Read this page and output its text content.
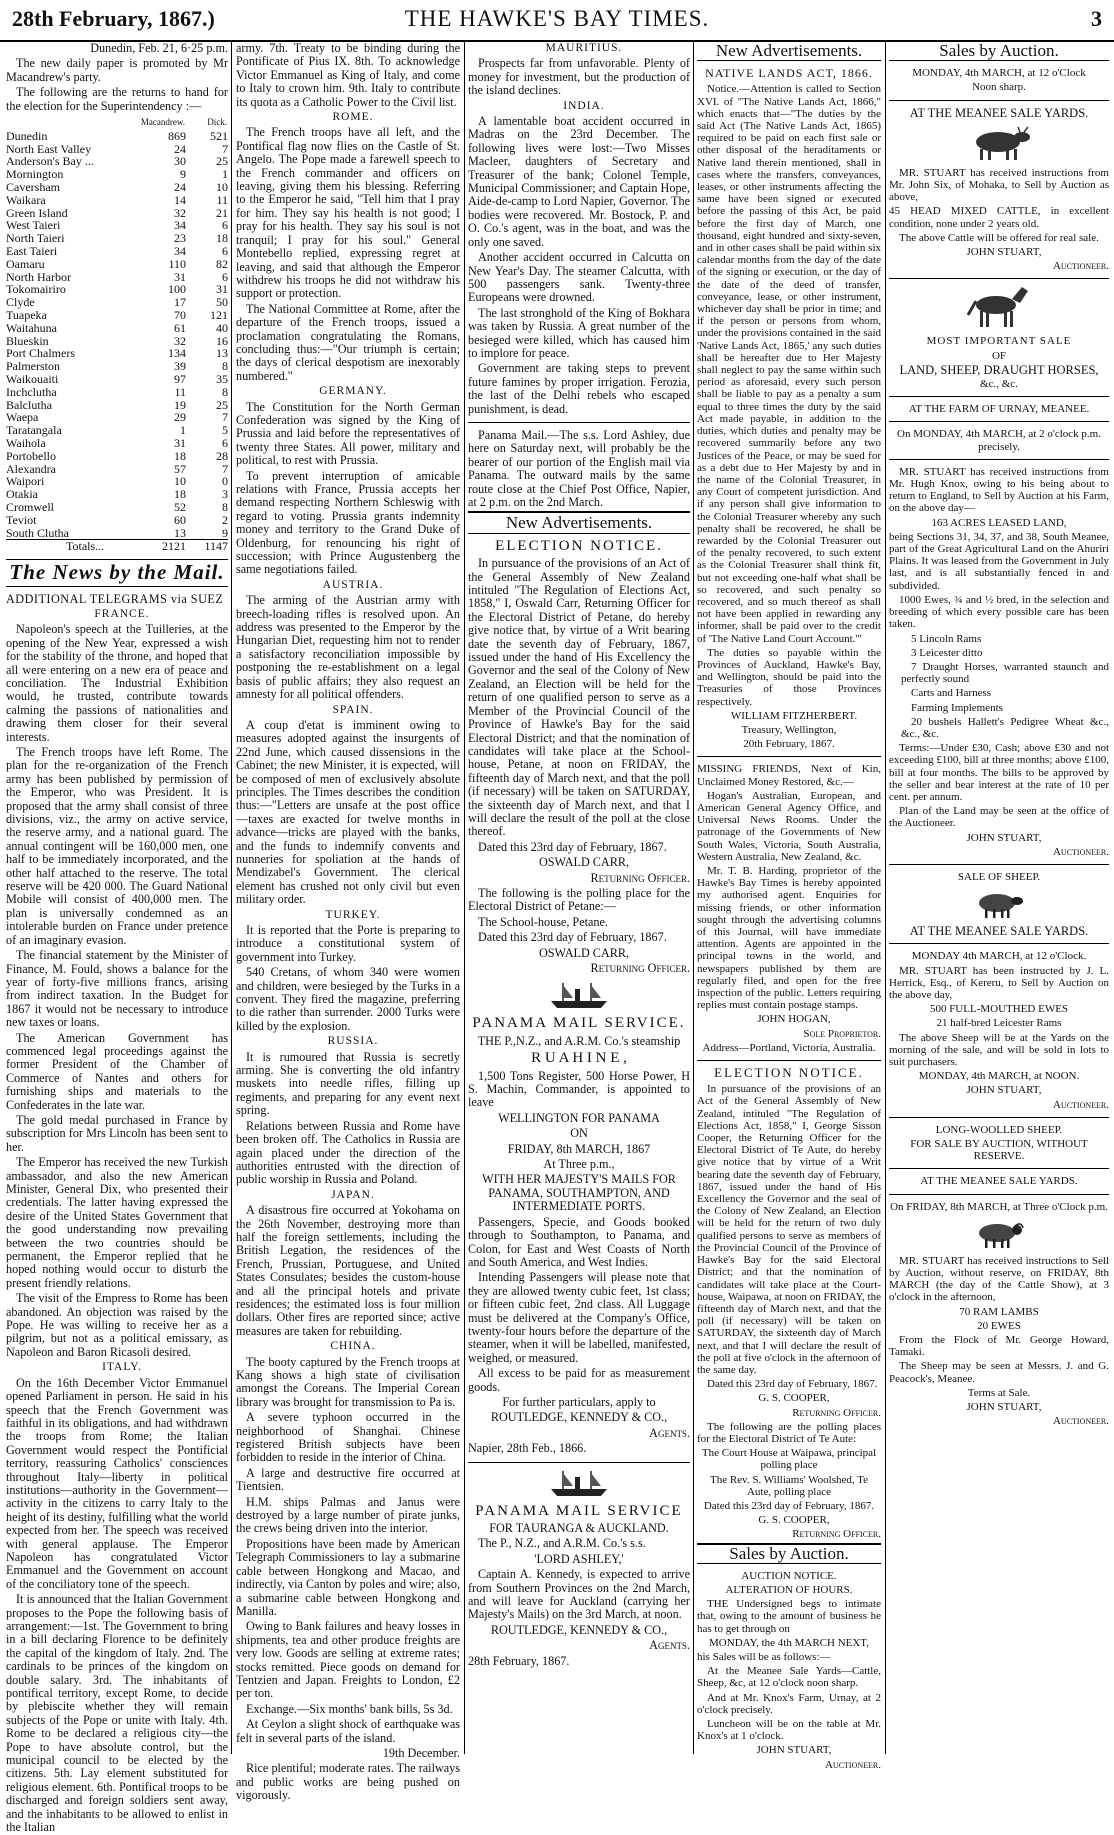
28th February, 1867.)	THE HAWKE'S BAY TIMES.	3

Dunedin, Feb. 21, 6·25 p.m.

The new daily paper is promoted by Mr Macandrew's party.

The following are the returns to hand for the election for the Superintendency :—

	Macandrew.	Dick.
Dunedin	869	521
North East Valley	24	7
Anderson's Bay ...	30	25
Mornington	9	1
Caversham	24	10
Waikara	14	11
Green Island	32	21
West Taieri	34	6
North Taieri	23	18
East Taieri	34	6
Oamaru	110	82
North Harbor	31	6
Tokomairiro	100	31
Clyde	17	50
Tuapeka	70	121
Waitahuna	61	40
Blueskin	32	16
Port Chalmers	134	13
Palmerston	39	8
Waikouaiti	97	35
Inchclutha	11	8
Balclutha	19	25
Waepa	29	7
Taratangala	1	5
Waihola	31	6
Portobello	18	28
Alexandra	57	7
Waipori	10	0
Otakia	18	3
Cromwell	52	8
Teviot	60	2
South Clutha	13	9
Totals...	2121	1147
The News by the Mail.

ADDITIONAL TELEGRAMS via SUEZ

FRANCE.

Napoleon's speech at the Tuilleries, at the opening of the New Year, expressed a wish for the stability of the throne, and hoped that all were entering on a new era of peace and conciliation. The Industrial Exhibition would, he trusted, contribute towards calming the passions of nationalities and drawing them closer for their several interests.

The French troops have left Rome. The plan for the re-organization of the French army has been published by permission of the Emperor, who was President. It is proposed that the army shall consist of three divisions, viz., the army on active service, the reserve army, and a national guard. The annual contingent will be 160,000 men, one half to be immediately incorporated, and the other half attached to the reserve. The total reserve will be 420 000. The Guard National Mobile will consist of 400,000 men. The plan is universally condemned as an intolerable burden on France under pretence of an imaginary evasion.

The financial statement by the Minister of Finance, M. Fould, shows a balance for the year of forty-five millions francs, arising from indirect taxation. In the Budget for 1867 it would not be necessary to introduce new taxes or loans.

The American Government has commenced legal proceedings against the former President of the Chamber of Commerce of Nantes and others for furnishing ships and materials to the Confederates in the late war.

The gold medal purchased in France by subscription for Mrs Lincoln has been sent to her.

The Emperor has received the new Turkish ambassador, and also the new American Minister, General Dix, who presented their credentials. The latter having expressed the desire of the United States Government that the good understanding now prevailing between the two countries should be permanent, the Emperor replied that he hoped nothing would occur to disturb the present friendly relations.

The visit of the Empress to Rome has been abandoned. An objection was raised by the Pope. He was willing to receive her as a pilgrim, but not as a political emissary, as Napoleon and Baron Ricasoli desired.

ITALY.

On the 16th December Victor Emmanuel opened Parliament in person. He said in his speech that the French Government was faithful in its obligations, and had withdrawn the troops from Rome; the Italian Government would respect the Pontificial territory, reassuring Catholics' consciences throughout Italy—liberty in political institutions—authority in the Government—activity in the citizens to carry Italy to the height of its destiny, fulfilling what the world expected from her. The speech was received with general applause. The Emperor Napoleon has congratulated Victor Emmanuel and the Government on account of the conciliatory tone of the speech.

It is announced that the Italian Government proposes to the Pope the following basis of arrangement:—1st. The Government to bring in a bill declaring Florence to be definitely the capital of the kingdom of Italy. 2nd. The cardinals to be princes of the kingdom on double salary. 3rd. The inhabitants of pontifical territory, except Rome, to decide by plebiscite whether they will remain subjects of the Pope or unite with Italy. 4th. Rome to be declared a religious city—the Pope to have absolute control, but the municipal council to be elected by the citizens. 5th. Lay element substituted for religious element. 6th. Pontifical troops to be discharged and foreign soldiers sent away, and the inhabitants to be allowed to enlist in the Italian

army. 7th. Treaty to be binding during the Pontificate of Pius IX. 8th. To acknowledge Victor Emmanuel as King of Italy, and come to Italy to crown him. 9th. Italy to contribute its quota as a Catholic Power to the Civil list.

ROME.

The French troops have all left, and the Pontifical flag now flies on the Castle of St. Angelo. The Pope made a farewell speech to the French commander and officers on leaving, giving them his blessing. Referring to the Emperor he said, "Tell him that I pray for him. They say his health is not good; I pray for his health. They say his soul is not tranquil; I pray for his soul." General Montebello replied, expressing regret at leaving, and said that although the Emperor withdrew his troops he did not withdraw his support or protection.

The National Committee at Rome, after the departure of the French troops, issued a proclamation congratulating the Romans, concluding thus:—"Our triumph is certain; the days of clerical despotism are inexorably numbered."

GERMANY.

The Constitution for the North German Confederation was signed by the King of Prussia and laid before the representatives of twenty three States. All power, military and political, to rest with Prussia.

To prevent interruption of amicable relations with France, Prussia accepts her demand respecting Northern Schleswig with regard to voting. Prussia grants indemnity money and territory to the Grand Duke of Oldenburg, for renouncing his right of succession; with Prince Augustenberg the same negotiations failed.

AUSTRIA.

The arming of the Austrian army with breech-loading rifles is resolved upon. An address was presented to the Emperor by the Hungarian Diet, requesting him not to render a satisfactory reconciliation impossible by postponing the re-establishment on a legal basis of public affairs; they also request an amnesty for all political offenders.

SPAIN.

A coup d'etat is imminent owing to measures adopted against the insurgents of 22nd June, which caused dissensions in the Cabinet; the new Minister, it is expected, will be composed of men of exclusively absolute principles. The Times describes the condition thus:—"Letters are unsafe at the post office—taxes are exacted for twelve months in advance—tricks are played with the banks, and the funds to indemnify convents and nunneries for spoliation at the hands of Mendizabel's Government. The clerical element has crushed not only civil but even military order.

TURKEY.

It is reported that the Porte is preparing to introduce a constitutional system of government into Turkey.

540 Cretans, of whom 340 were women and children, were besieged by the Turks in a convent. They fired the magazine, preferring to die rather than surrender. 2000 Turks were killed by the explosion.

RUSSIA.

It is rumoured that Russia is secretly arming. She is converting the old infantry muskets into needle rifles, filling up regiments, and preparing for any event next spring.

Relations between Russia and Rome have been broken off. The Catholics in Russia are again placed under the direction of the authorities entrusted with the direction of public worship in Russia and Poland.

JAPAN.

A disastrous fire occurred at Yokohama on the 26th November, destroying more than half the foreign settlements, including the British Legation, the residences of the French, Prussian, Portuguese, and United States Consulates; besides the custom-house and all the principal hotels and private residences; the estimated loss is four million dollars. Other fires are reported since; active measures are taken for rebuilding.

CHINA.

The booty captured by the French troops at Kang shows a high state of civilisation amongst the Coreans. The Imperial Corean library was brought for transmission to Pa is.

A severe typhoon occurred in the neighborhood of Shanghai. Chinese registered British subjects have been forbidden to reside in the interior of China.

A large and destructive fire occurred at Tientsien.

H.M. ships Palmas and Janus were destroyed by a large number of pirate junks, the crews being driven into the interior.

Propositions have been made by American Telegraph Commissioners to lay a submarine cable between Hongkong and Macao, and indirectly, via Canton by poles and wire; also, a submarine cable between Hongkong and Manilla.

Owing to Bank failures and heavy losses in shipments, tea and other produce freights are very low. Goods are selling at extreme rates; stocks remitted. Piece goods on demand for Tentzien and Japan. Freights to London, £2 per ton.

Exchange.—Six months' bank bills, 5s 3d.

At Ceylon a slight shock of earthquake was felt in several parts of the island.

19th December.

Rice plentiful; moderate rates. The railways and public works are being pushed on vigorously.

MAURITIUS.

Prospects far from unfavorable. Plenty of money for investment, but the production of the island declines.

INDIA.

A lamentable boat accident occurred in Madras on the 23rd December. The following lives were lost:—Two Misses Macleer, daughters of Secretary and Treasurer of the bank; Colonel Temple, Municipal Commissioner; and Captain Hope, Aide-de-camp to Lord Napier, Governor. The bodies were recovered. Mr. Bostock, P. and O. Co.'s agent, was in the boat, and was the only one saved.

Another accident occurred in Calcutta on New Year's Day. The steamer Calcutta, with 500 passengers sank. Twenty-three Europeans were drowned.

The last stronghold of the King of Bokhara was taken by Russia. A great number of the besieged were killed, which has caused him to implore for peace.

Government are taking steps to prevent future famines by proper irrigation. Ferozia, the last of the Delhi rebels who escaped punishment, is dead.

Panama Mail.—The s.s. Lord Ashley, due here on Saturday next, will probably be the bearer of our portion of the English mail via Panama. The outward mails by the same route close at the Chief Post Office, Napier, at 2 p.m. on the 2nd March.

New Advertisements.
ELECTION NOTICE.

In pursuance of the provisions of an Act of the General Assembly of New Zealand intituled "The Regulation of Elections Act, 1858," I, Oswald Carr, Returning Officer for the Electoral District of Petane, do hereby give notice that, by virtue of a Writ bearing date the seventh day of February, 1867, issued under the hand of His Excellency the Governor and the seal of the Colony of New Zealand, an Election will be held for the return of one qualified person to serve as a Member of the Provincial Council of the Province of Hawke's Bay for the said Electoral District; and that the nomination of candidates will take place at the School-house, Petane, at noon on FRIDAY, the fifteenth day of March next, and that the poll (if necessary) will be taken on SATURDAY, the sixteenth day of March next, and that I will declare the result of the poll at the close thereof.

Dated this 23rd day of February, 1867.

OSWALD CARR,

Returning Officer.

The following is the polling place for the Electoral District of Petane:—

The School-house, Petane.

Dated this 23rd day of February, 1867.

OSWALD CARR,

Returning Officer.

PANAMA MAIL SERVICE.

THE P.,N.Z., and A.R.M. Co.'s steamship

R U A H I N E ,

1,500 Tons Register, 500 Horse Power, H S. Machin, Commander, is appointed to leave

WELLINGTON FOR PANAMA

ON

FRIDAY, 8th MARCH, 1867

At Three p.m.,

WITH HER MAJESTY'S MAILS FOR PANAMA, SOUTHAMPTON, AND INTERMEDIATE PORTS.

Passengers, Specie, and Goods booked through to Southampton, to Panama, and Colon, for East and West Coasts of North and South America, and West Indies.

Intending Passengers will please note that they are allowed twenty cubic feet, 1st class; or fifteen cubic feet, 2nd class. All Luggage must be delivered at the Company's Office, twenty-four hours before the departure of the steamer, when it will be labelled, manifested, weighed, or measured.

All excess to be paid for as measurement goods.

For further particulars, apply to

ROUTLEDGE, KENNEDY & CO.,

Agents.

Napier, 28th Feb., 1866.

PANAMA MAIL SERVICE

FOR TAURANGA & AUCKLAND.

The P., N.Z., and A.R.M. Co.'s s.s.

'LORD ASHLEY,'

Captain A. Kennedy, is expected to arrive from Southern Provinces on the 2nd March, and will leave for Auckland (carrying her Majesty's Mails) on the 3rd March, at noon.

ROUTLEDGE, KENNEDY & CO.,

Agents.

28th February, 1867.

New Advertisements.
NATIVE LANDS ACT, 1866.

Notice.—Attention is called to Section XVI. of "The Native Lands Act, 1866," which enacts that—"The duties by the said Act (The Native Lands Act, 1865) required to be paid on each first sale or other disposal of the heraditaments or Native land therein mentioned, shall in cases where the transfers, conveyances, leases, or other instruments affecting the same have been signed or executed before the passing of this Act, be paid before the first day of March, one thousand, eight hundred and sixty-seven, and in other cases shall be paid within six calendar months from the day of the date of the signing or execution, or the day of the date of the deed of transfer, conveyance, lease, or other instrument, whichever day shall be prior in time; and if the person or persons from whom, under the provisions contained in the said 'Native Lands Act, 1865,' any such duties shall be hereafter due to Her Majesty shall neglect to pay the same within such period as aforesaid, every such person shall be liable to pay as a penalty a sum equal to three times the duty by the said Act made payable, in addition to the duties, which duties and penalty may be recovered summarily before any two Justices of the Peace, or may be sued for as a debt due to Her Majesty by and in the name of the Colonial Treasurer, in any Court of competent jurisdiction. And if any person shall give information to the Colonial Treasurer whereby any such penalty shall be recovered, he shall be rewarded by the Colonial Treasurer out of the penalty recovered, to such extent as the Colonial Treasurer shall think fit, but not exceeding one-half what shall be so recovered, and such penalty so recovered, and so much thereof as shall not have been applied in rewarding any informer, shall be paid over to the credit of 'The Native Land Court Account.'"

The duties so payable within the Provinces of Auckland, Hawke's Bay, and Wellington, should be paid into the Treasuries of those Provinces respectively.

WILLIAM FITZHERBERT.

Treasury, Wellington,

20th February, 1867.

MISSING FRIENDS, Next of Kin, Unclaimed Money Restored, &c.—

Hogan's Australian, European, and American General Agency Office, and Universal News Rooms. Under the patronage of the Governments of New South Wales, Victoria, South Australia, Western Australia, New Zealand, &c.

Mr. T. B. Harding, proprietor of the Hawke's Bay Times is hereby appointed my authorised agent. Enquiries for missing friends, or other information sought through the advertising columns of this Journal, will have immediate attention. Agents are appointed in the principal towns in the world, and newspapers published by them are regularly filed, and open for the free inspection of the public. Letters requiring replies must contain postage stamps.

JOHN HOGAN,

Sole Proprietor.

Address—Portland, Victoria, Australia.

ELECTION NOTICE.

In pursuance of the provisions of an Act of the General Assembly of New Zealand, intituled "The Regulation of Elections Act, 1858," I, George Sisson Cooper, the Returning Officer for the Electoral District of Te Aute, do hereby give notice that by virtue of a Writ bearing date the seventh day of February, 1867, issued under the hand of His Excellency the Governor and the seal of the Colony of New Zealand, an Election will be held for the return of two duly qualified persons to serve as members of the Provincial Council of the Province of Hawke's Bay for the said Electoral District; and that the nomination of candidates will take place at the Court-house, Waipawa, at noon on FRIDAY, the fifteenth day of March next, and that the poll (if necessary) will be taken on SATURDAY, the sixteenth day of March next, and that I will declare the result of the poll at five o'clock in the afternoon of the same day.

Dated this 23rd day of February, 1867.

G. S. COOPER,

Returning Officer.

The following are the polling places for the Electoral District of Te Aute:

The Court House at Waipawa, principal polling place

The Rev. S. Williams' Woolshed, Te Aute, polling place

Dated this 23rd day of February, 1867.

G. S. COOPER,

Returning Officer.

Sales by Auction.

AUCTION NOTICE.

ALTERATION OF HOURS.

THE Undersigned begs to intimate that, owing to the amount of business he has to get through on

MONDAY, the 4th MARCH NEXT,

his Sales will be as follows:—

At the Meanee Sale Yards—Cattle, Sheep, &c, at 12 o'clock noon sharp.

And at Mr. Knox's Farm, Urnay, at 2 o'clock precisely.

Luncheon will be on the table at Mr. Knox's at 1 o'clock.

JOHN STUART,

Auctioneer.

Sales by Auction.

MONDAY, 4th MARCH, at 12 o'Clock

Noon sharp.

AT THE MEANEE SALE YARDS.

MR. STUART has received instructions from Mr. John Six, of Mohaka, to Sell by Auction as above,

45 HEAD MIXED CATTLE, in excellent condition, none under 2 years old.

The above Cattle will be offered for real sale.

JOHN STUART,

Auctioneer.

MOST IMPORTANT SALE

OF

LAND, SHEEP, DRAUGHT HORSES,

&c., &c.

AT THE FARM OF URNAY, MEANEE.

On MONDAY, 4th MARCH, at 2 o'clock p.m. precisely.

MR. STUART has received instructions from Mr. Hugh Knox, owing to his being about to return to England, to Sell by Auction at his Farm, on the above day—

163 ACRES LEASED LAND,

being Sections 31, 34, 37, and 38, South Meanee, part of the Great Agricultural Land on the Ahuriri Plains. It was leased from the Government in July last, and is all substantially fenced in and subdivided.

1000 Ewes, ¾ and ½ bred, in the selection and breeding of which every possible care has been taken.

5 Lincoln Rams

3 Leicester ditto

7 Draught Horses, warranted staunch and perfectly sound

Carts and Harness

Farming Implements

20 bushels Hallett's Pedigree Wheat &c., &c., &c.

Terms:—Under £30, Cash; above £30 and not exceeding £100, bill at three months; above £100, bill at four months. The bills to be approved by the seller and bear interest at the rate of 10 per cent. per annum.

Plan of the Land may be seen at the office of the Auctioneer.

JOHN STUART,

Auctioneer.

SALE OF SHEEP.

AT THE MEANEE SALE YARDS.

MONDAY 4th MARCH, at 12 o'Clock.

MR. STUART has been instructed by J. L. Herrick, Esq., of Kereru, to Sell by Auction on the above day,

500 FULL-MOUTHED EWES

21 half-bred Leicester Rams

The above Sheep will be at the Yards on the morning of the sale, and will be sold in lots to suit purchasers.

MONDAY, 4th MARCH, at NOON.

JOHN STUART,

Auctioneer.

LONG-WOOLLED SHEEP.

FOR SALE BY AUCTION, WITHOUT RESERVE.

AT THE MEANEE SALE YARDS.

On FRIDAY, 8th MARCH, at Three o'Clock p.m.

MR. STUART has received instructions to Sell by Auction, without reserve, on FRIDAY, 8th MARCH (the day of the Cattle Show), at 3 o'clock in the afternoon,

70 RAM LAMBS

20 EWES

From the Flock of Mr. George Howard, Tamaki.

The Sheep may be seen at Messrs. J. and G. Peacock's, Meanee.

Terms at Sale.

JOHN STUART,

Auctioneer.
